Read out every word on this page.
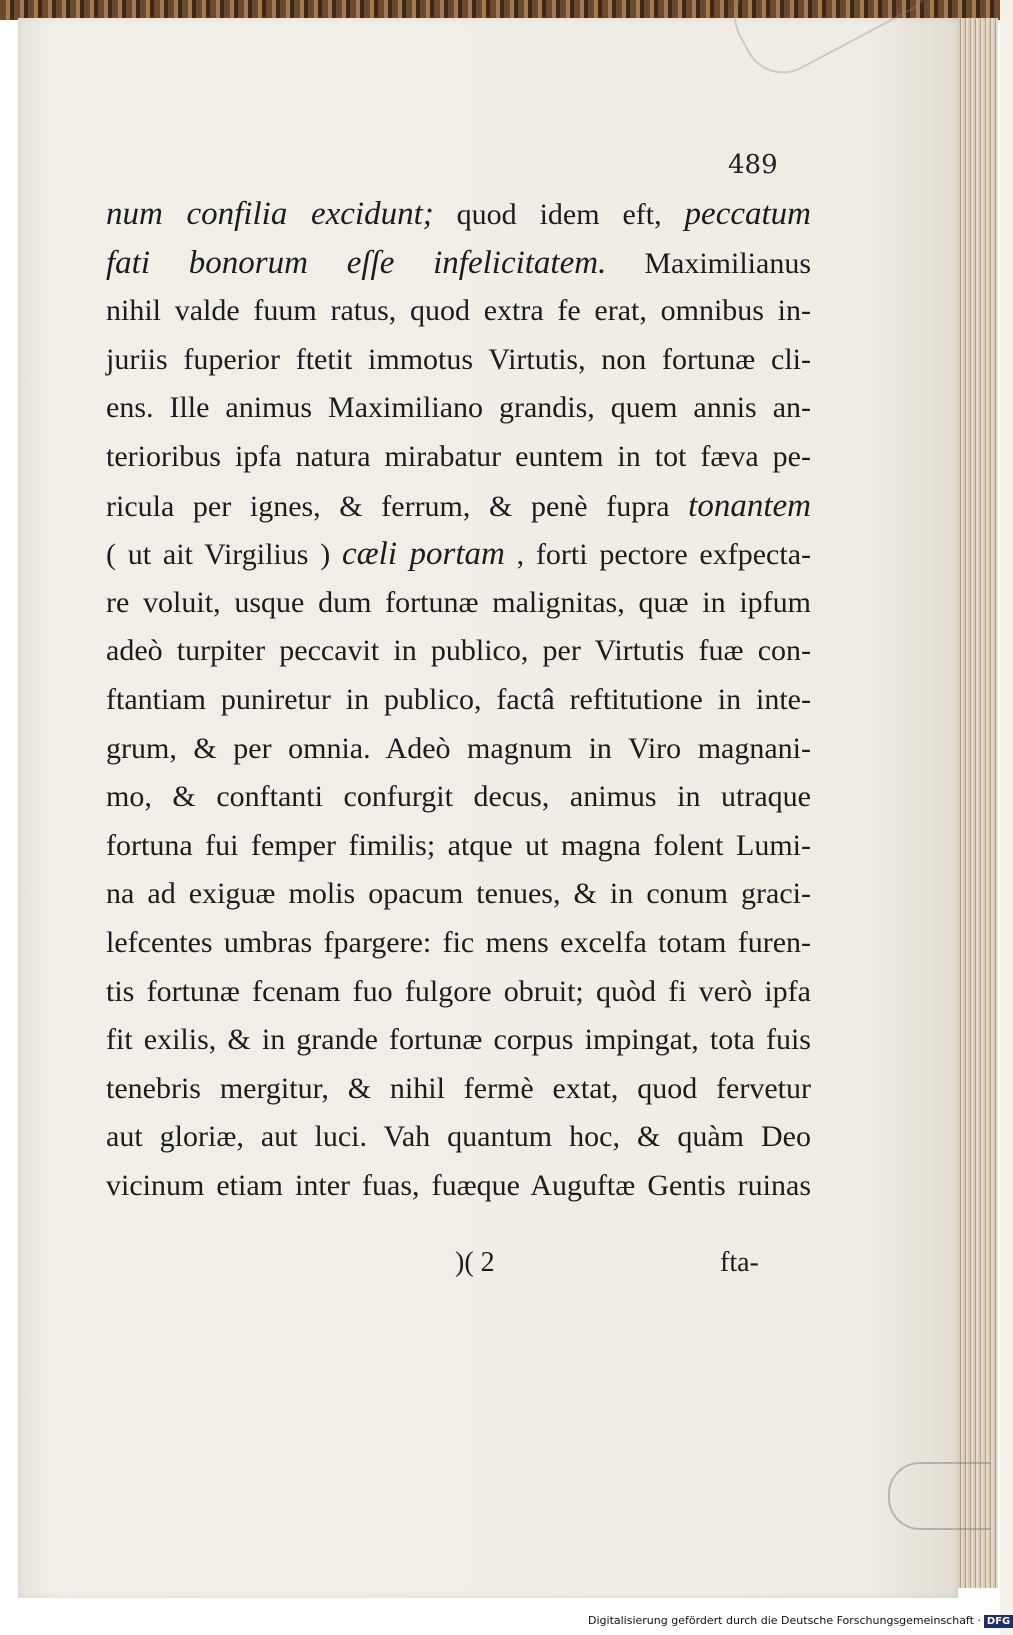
489
num confilia excidunt; quod idem eft, peccatum
fati bonorum eſſe infelicitatem. Maximilianus
nihil valde fuum ratus, quod extra fe erat, omnibus in-
juriis fuperior ftetit immotus Virtutis, non fortunæ cli-
ens. Ille animus Maximiliano grandis, quem annis an-
terioribus ipfa natura mirabatur euntem in tot fæva pe-
ricula per ignes, & ferrum, & penè fupra tonantem
( ut ait Virgilius ) cæli portam , forti pectore exfpecta-
re voluit, usque dum fortunæ malignitas, quæ in ipfum
adeò turpiter peccavit in publico, per Virtutis fuæ con-
ftantiam puniretur in publico, factâ reftitutione in inte-
grum, & per omnia. Adeò magnum in Viro magnani-
mo, & conftanti confurgit decus, animus in utraque
fortuna fui femper fimilis; atque ut magna folent Lumi-
na ad exiguæ molis opacum tenues, & in conum graci-
lefcentes umbras fpargere: fic mens excelfa totam furen-
tis fortunæ fcenam fuo fulgore obruit; quòd fi verò ipfa
fit exilis, & in grande fortunæ corpus impingat, tota fuis
tenebris mergitur, & nihil fermè extat, quod fervetur
aut gloriæ, aut luci. Vah quantum hoc, & quàm Deo
vicinum etiam inter fuas, fuæque Auguftæ Gentis ruinas
)( 2	fta-
Digitalisierung gefördert durch die Deutsche Forschungsgemeinschaft · DFG
